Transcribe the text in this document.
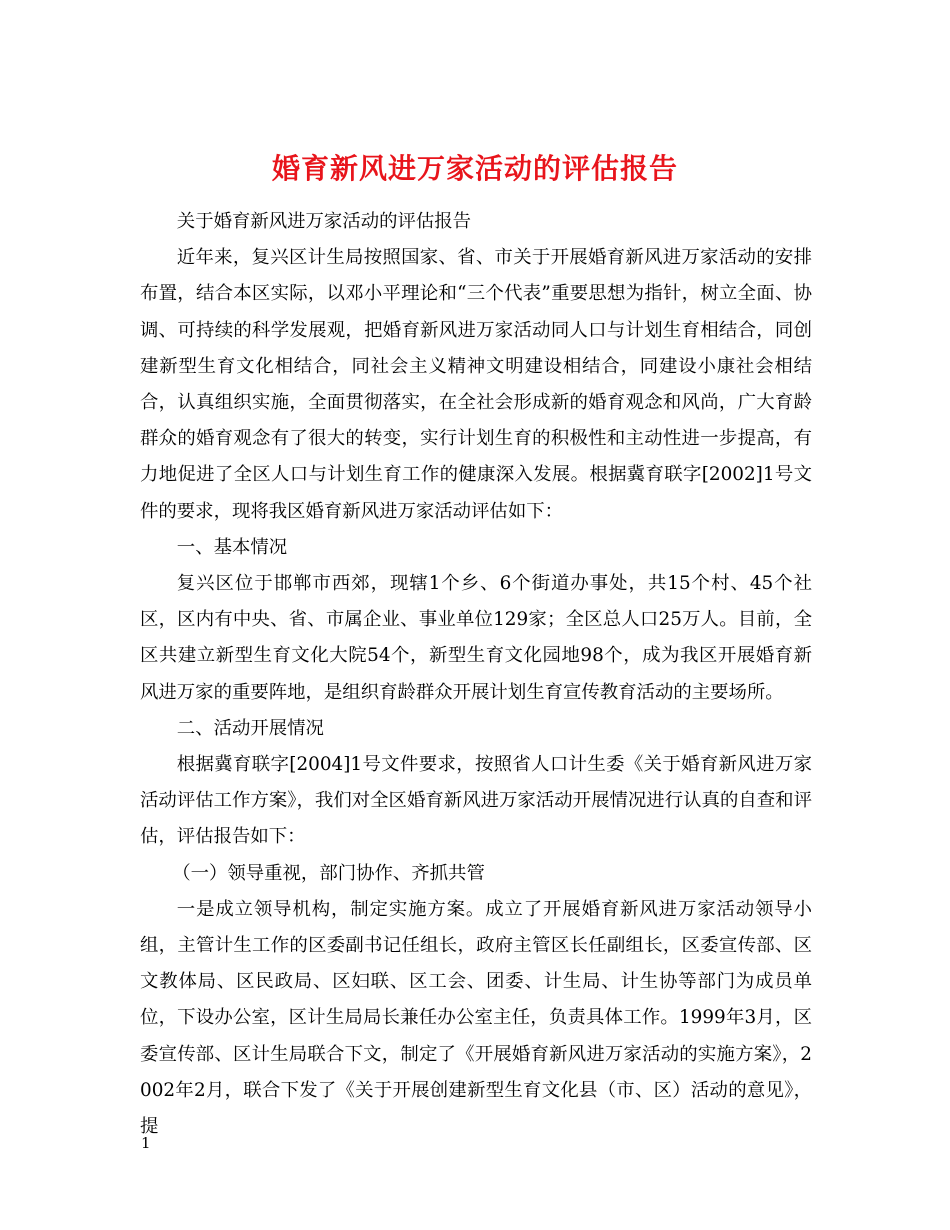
婚育新风进万家活动的评估报告

关于婚育新风进万家活动的评估报告

近年来，复兴区计生局按照国家、省、市关于开展婚育新风进万家活动的安排布置，结合本区实际，以邓小平理论和“三个代表”重要思想为指针，树立全面、协调、可持续的科学发展观，把婚育新风进万家活动同人口与计划生育相结合，同创建新型生育文化相结合，同社会主义精神文明建设相结合，同建设小康社会相结合，认真组织实施，全面贯彻落实，在全社会形成新的婚育观念和风尚，广大育龄群众的婚育观念有了很大的转变，实行计划生育的积极性和主动性进一步提高，有力地促进了全区人口与计划生育工作的健康深入发展。根据冀育联字[2002]1号文件的要求，现将我区婚育新风进万家活动评估如下：

一、基本情况

复兴区位于邯郸市西郊，现辖1个乡、6个街道办事处，共15个村、45个社区，区内有中央、省、市属企业、事业单位129家；全区总人口25万人。目前，全区共建立新型生育文化大院54个，新型生育文化园地98个，成为我区开展婚育新风进万家的重要阵地，是组织育龄群众开展计划生育宣传教育活动的主要场所。

二、活动开展情况

根据冀育联字[2004]1号文件要求，按照省人口计生委《关于婚育新风进万家活动评估工作方案》，我们对全区婚育新风进万家活动开展情况进行认真的自查和评估，评估报告如下：

（一）领导重视，部门协作、齐抓共管

一是成立领导机构，制定实施方案。成立了开展婚育新风进万家活动领导小组，主管计生工作的区委副书记任组长，政府主管区长任副组长，区委宣传部、区文教体局、区民政局、区妇联、区工会、团委、计生局、计生协等部门为成员单位，下设办公室，区计生局局长兼任办公室主任，负责具体工作。1999年3月，区委宣传部、区计生局联合下文，制定了《开展婚育新风进万家活动的实施方案》，2002年2月，联合下发了《关于开展创建新型生育文化县（市、区）活动的意见》，提

1
